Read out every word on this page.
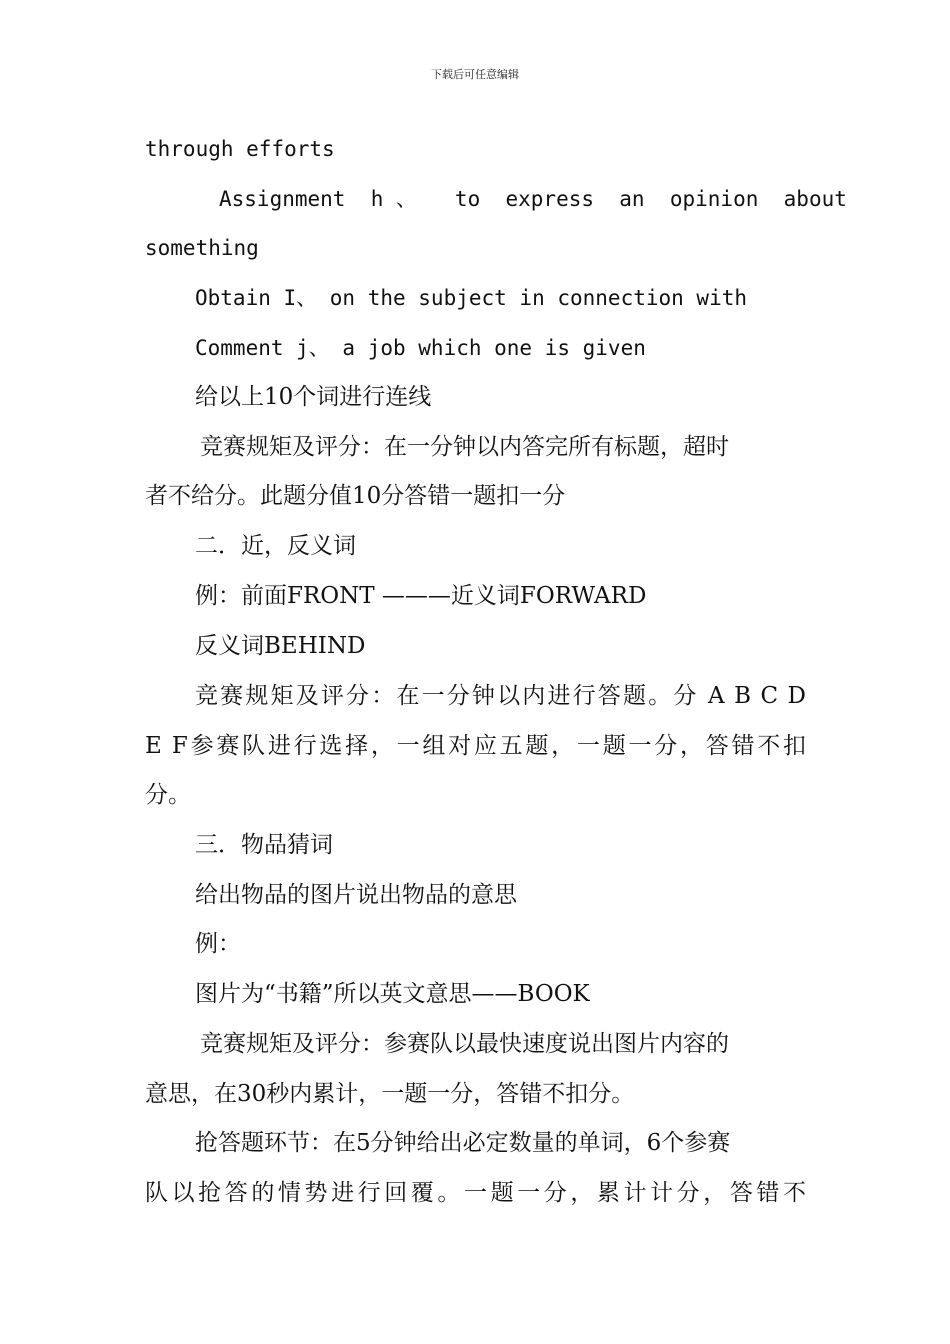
下载后可任意编辑
through efforts
Assignment  h 、   to  express  an  opinion  about
something
Obtain I、 on the subject in connection with
Comment j、 a job which one is given
给以上10个词进行连线
竞赛规矩及评分：在一分钟以内答完所有标题，超时
者不给分。此题分值10分答错一题扣一分
二．近，反义词
例：前面FRONT ———近义词FORWARD
反义词BEHIND
竞赛规矩及评分：在一分钟以内进行答题。分 A B C D
E F参赛队进行选择，一组对应五题，一题一分，答错不扣
分。
三．物品猜词
给出物品的图片说出物品的意思
例：
图片为“书籍”所以英文意思——BOOK
竞赛规矩及评分：参赛队以最快速度说出图片内容的
意思，在30秒内累计，一题一分，答错不扣分。
抢答题环节：在5分钟给出必定数量的单词，6个参赛
队以抢答的情势进行回覆。一题一分，累计计分，答错不
